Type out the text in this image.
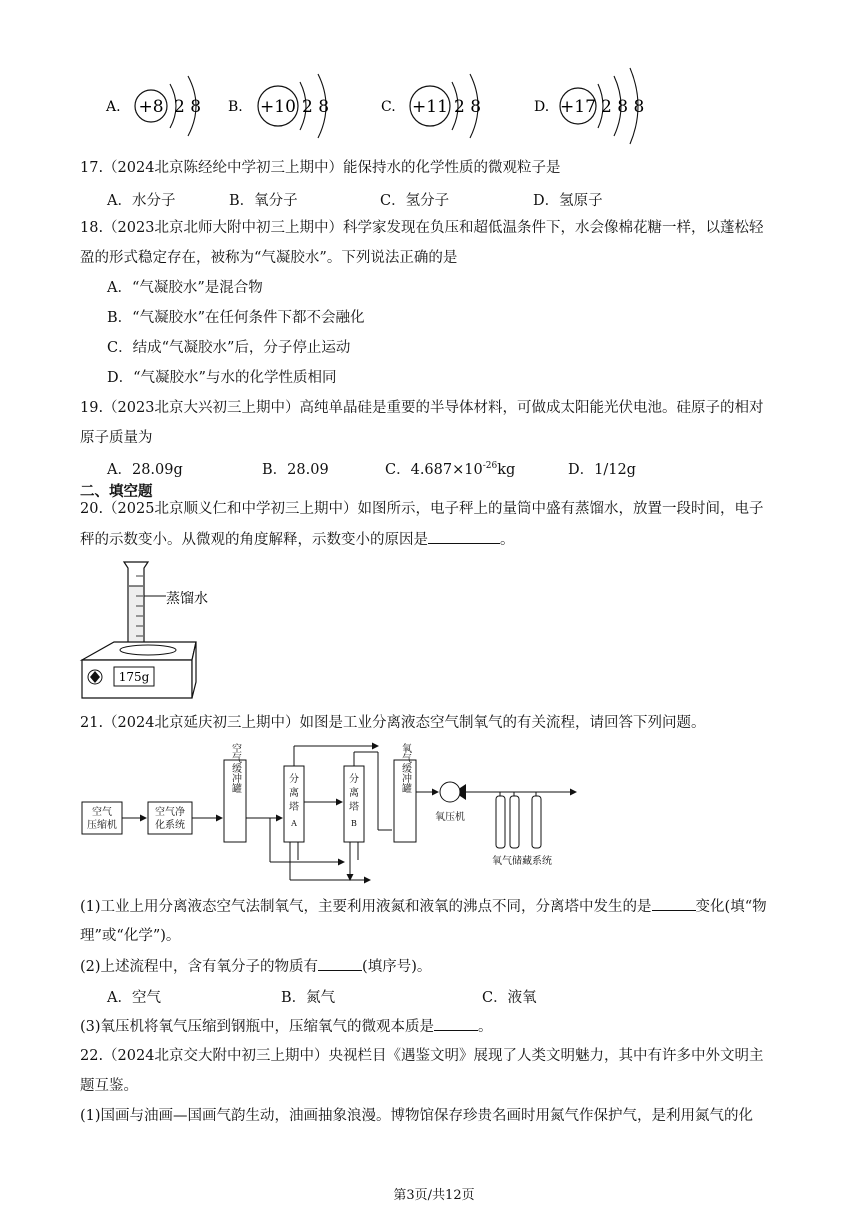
A. +8 2 8 B. +10 2 8	C. +11 2 8	D. +17 2 8 8
17.（2024北京陈经纶中学初三上期中）能保持水的化学性质的微观粒子是
A．水分子	B．氧分子	C．氢分子	D．氢原子
18.（2023北京北师大附中初三上期中）科学家发现在负压和超低温条件下，水会像棉花糖一样，以蓬松轻
盈的形式稳定存在，被称为“气凝胶水”。下列说法正确的是
A．“气凝胶水”是混合物
B．“气凝胶水”在任何条件下都不会融化
C．结成“气凝胶水”后，分子停止运动
D．“气凝胶水”与水的化学性质相同
19.（2023北京大兴初三上期中）高纯单晶硅是重要的半导体材料，可做成太阳能光伏电池。硅原子的相对
原子质量为
A．28.09g	B．28.09	C．$4.687\times 10^{-26}kg$	D．1/12g
二、填空题
20.（2025北京顺义仁和中学初三上期中）如图所示，电子秤上的量筒中盛有蒸馏水，放置一段时间，电子
秤的示数变小。从微观的角度解释，示数变小的原因是	。
蒸馏水
175g
21.（2024北京延庆初三上期中）如图是工业分离液态空气制氧气的有关流程，请回答下列问题。
空气
压缩机
空气净
化系统
空气缓冲罐	分
离
塔
A
分
离
塔
B
氧气缓冲罐
氧压机
氧气储藏系统
(1)工业上用分离液态空气法制氧气，主要利用液氮和液氧的沸点不同，分离塔中发生的是	变化(填“物
理”或“化学”)。
(2)上述流程中，含有氧分子的物质有	(填序号)。
A．空气	B．氮气	C．液氧
(3)氧压机将氧气压缩到钢瓶中，压缩氧气的微观本质是	。
22.（2024北京交大附中初三上期中）央视栏目《遇鉴文明》展现了人类文明魅力，其中有许多中外文明主
题互鉴。
(1)国画与油画—国画气韵生动，油画抽象浪漫。博物馆保存珍贵名画时用氮气作保护气，是利用氮气的化
第3页/共12页
